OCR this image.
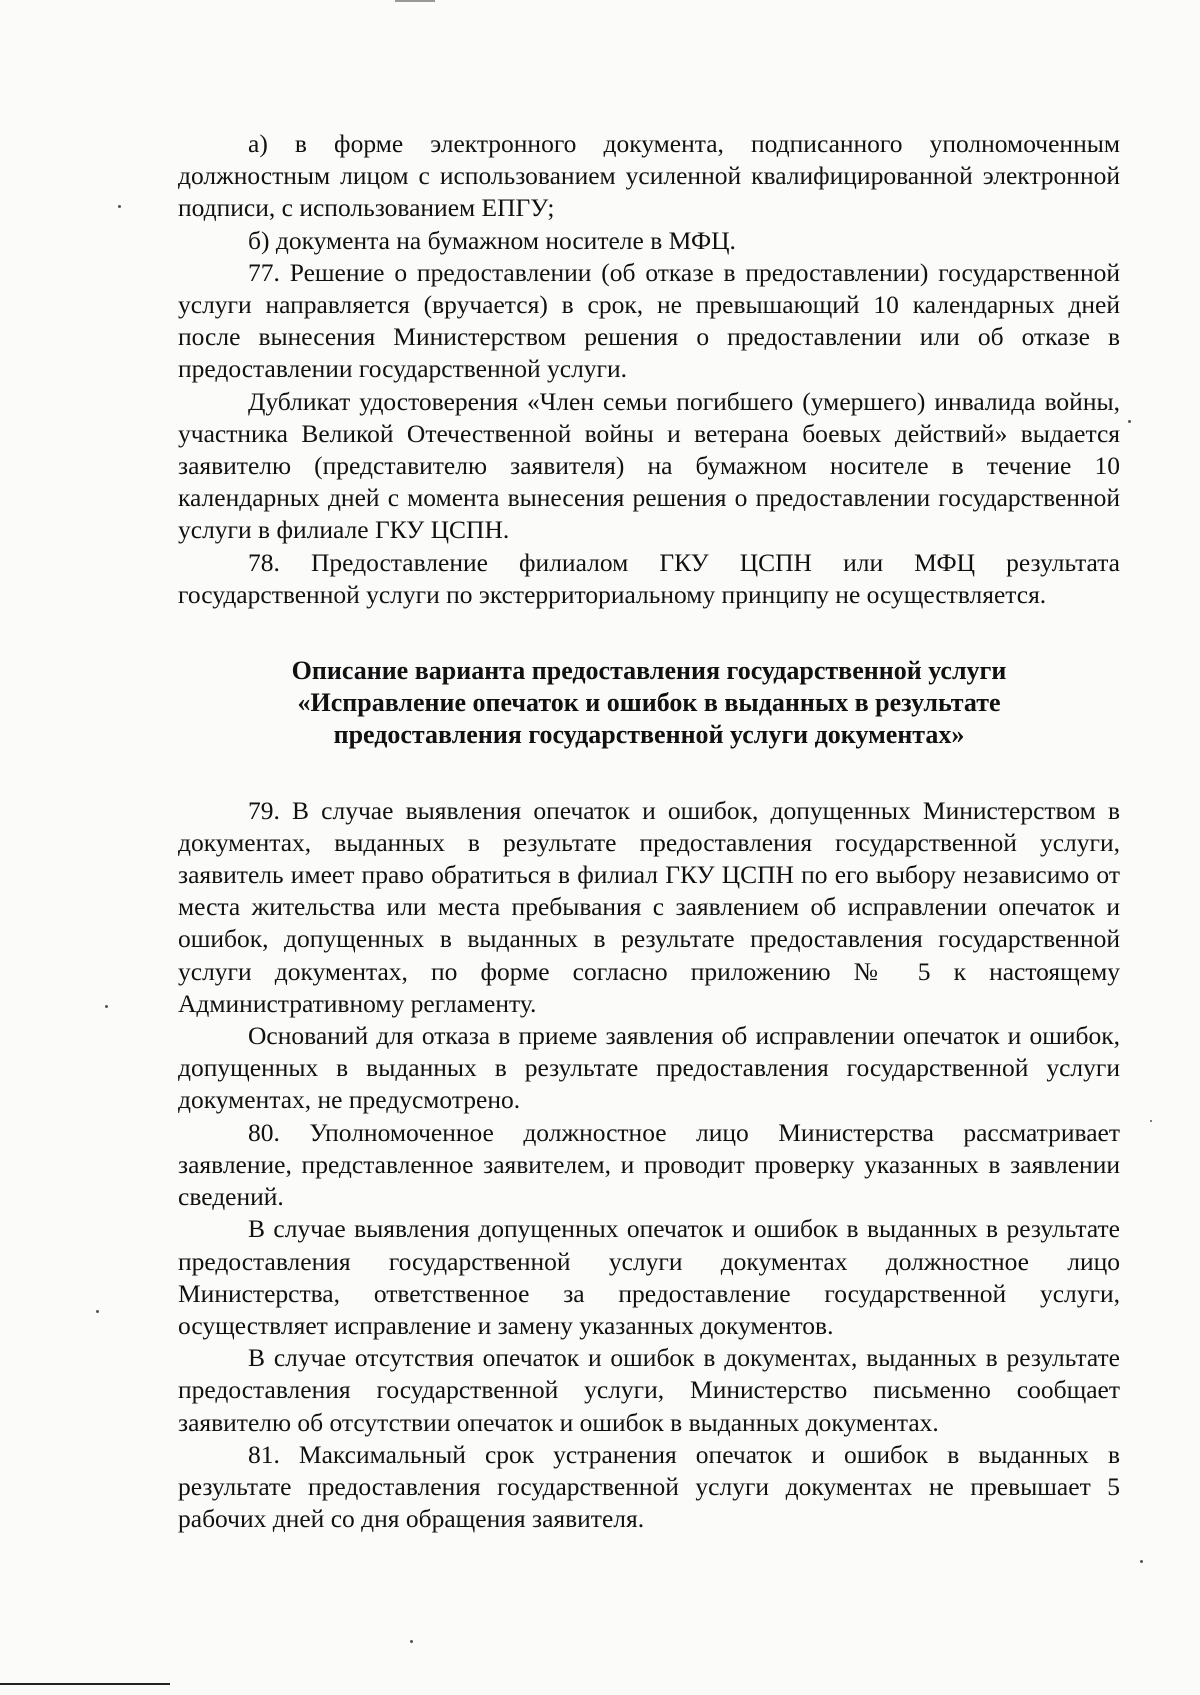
а) в форме электронного документа, подписанного уполномоченным должностным лицом с использованием усиленной квалифицированной электронной подписи, с использованием ЕПГУ;

б) документа на бумажном носителе в МФЦ.

77. Решение о предоставлении (об отказе в предоставлении) государственной услуги направляется (вручается) в срок, не превышающий 10 календарных дней после вынесения Министерством решения о предоставлении или об отказе в предоставлении государственной услуги.

Дубликат удостоверения «Член семьи погибшего (умершего) инвалида войны, участника Великой Отечественной войны и ветерана боевых действий» выдается заявителю (представителю заявителя) на бумажном носителе в течение 10 календарных дней с момента вынесения решения о предоставлении государственной услуги в филиале ГКУ ЦСПН.

78. Предоставление филиалом ГКУ ЦСПН или МФЦ результата государственной услуги по экстерриториальному принципу не осуществляется.

Описание варианта предоставления государственной услуги
«Исправление опечаток и ошибок в выданных в результате
предоставления государственной услуги документах»

79. В случае выявления опечаток и ошибок, допущенных Министерством в документах, выданных в результате предоставления государственной услуги, заявитель имеет право обратиться в филиал ГКУ ЦСПН по его выбору независимо от места жительства или места пребывания с заявлением об исправлении опечаток и ошибок, допущенных в выданных в результате предоставления государственной услуги документах, по форме согласно приложению № 5 к настоящему Административному регламенту.

Оснований для отказа в приеме заявления об исправлении опечаток и ошибок, допущенных в выданных в результате предоставления государственной услуги документах, не предусмотрено.

80. Уполномоченное должностное лицо Министерства рассматривает заявление, представленное заявителем, и проводит проверку указанных в заявлении сведений.

В случае выявления допущенных опечаток и ошибок в выданных в результате предоставления государственной услуги документах должностное лицо Министерства, ответственное за предоставление государственной услуги, осуществляет исправление и замену указанных документов.

В случае отсутствия опечаток и ошибок в документах, выданных в результате предоставления государственной услуги, Министерство письменно сообщает заявителю об отсутствии опечаток и ошибок в выданных документах.

81. Максимальный срок устранения опечаток и ошибок в выданных в результате предоставления государственной услуги документах не превышает 5 рабочих дней со дня обращения заявителя.
